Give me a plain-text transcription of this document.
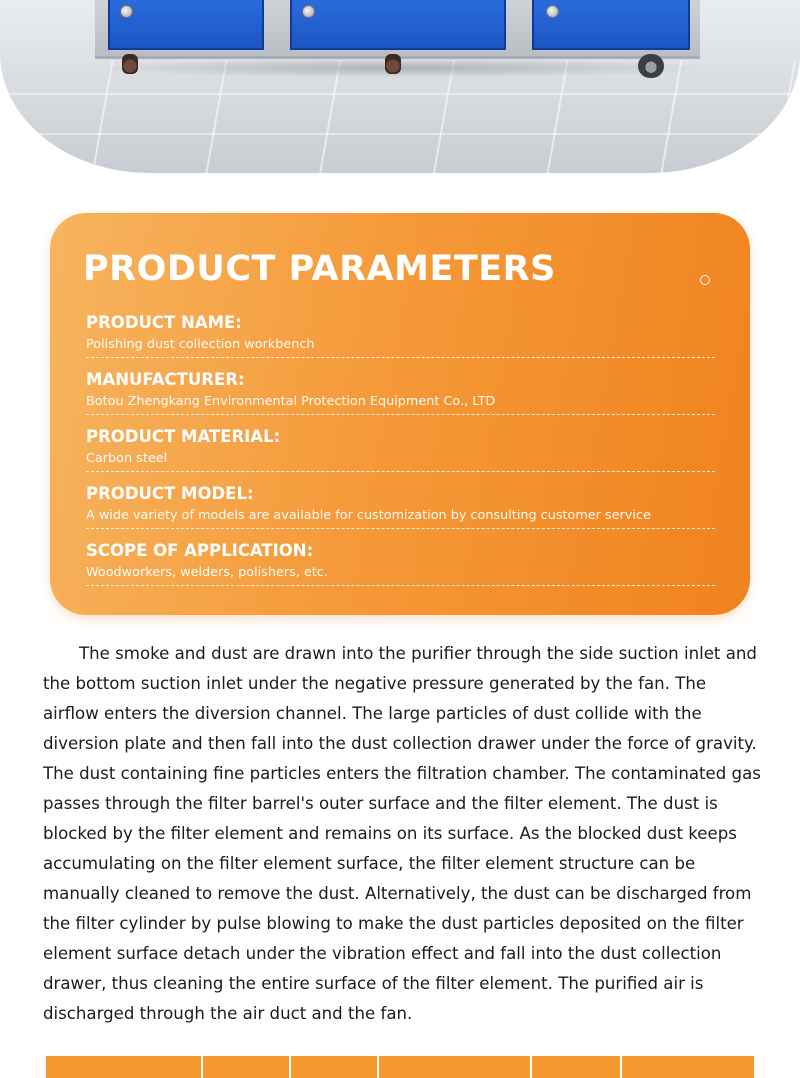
PRODUCT PARAMETERS
PRODUCT NAME:
Polishing dust collection workbench
MANUFACTURER:
Botou Zhengkang Environmental Protection Equipment Co., LTD
PRODUCT MATERIAL:
Carbon steel
PRODUCT MODEL:
A wide variety of models are available for customization by consulting customer service
SCOPE OF APPLICATION:
Woodworkers, welders, polishers, etc.

The smoke and dust are drawn into the purifier through the side suction inlet and the bottom suction inlet under the negative pressure generated by the fan. The airflow enters the diversion channel. The large particles of dust collide with the diversion plate and then fall into the dust collection drawer under the force of gravity. The dust containing fine particles enters the filtration chamber. The contaminated gas passes through the filter barrel's outer surface and the filter element. The dust is blocked by the filter element and remains on its surface. As the blocked dust keeps accumulating on the filter element surface, the filter element structure can be manually cleaned to remove the dust. Alternatively, the dust can be discharged from the filter cylinder by pulse blowing to make the dust particles deposited on the filter element surface detach under the vibration effect and fall into the dust collection drawer, thus cleaning the entire surface of the filter element. The purified air is discharged through the air duct and the fan.
